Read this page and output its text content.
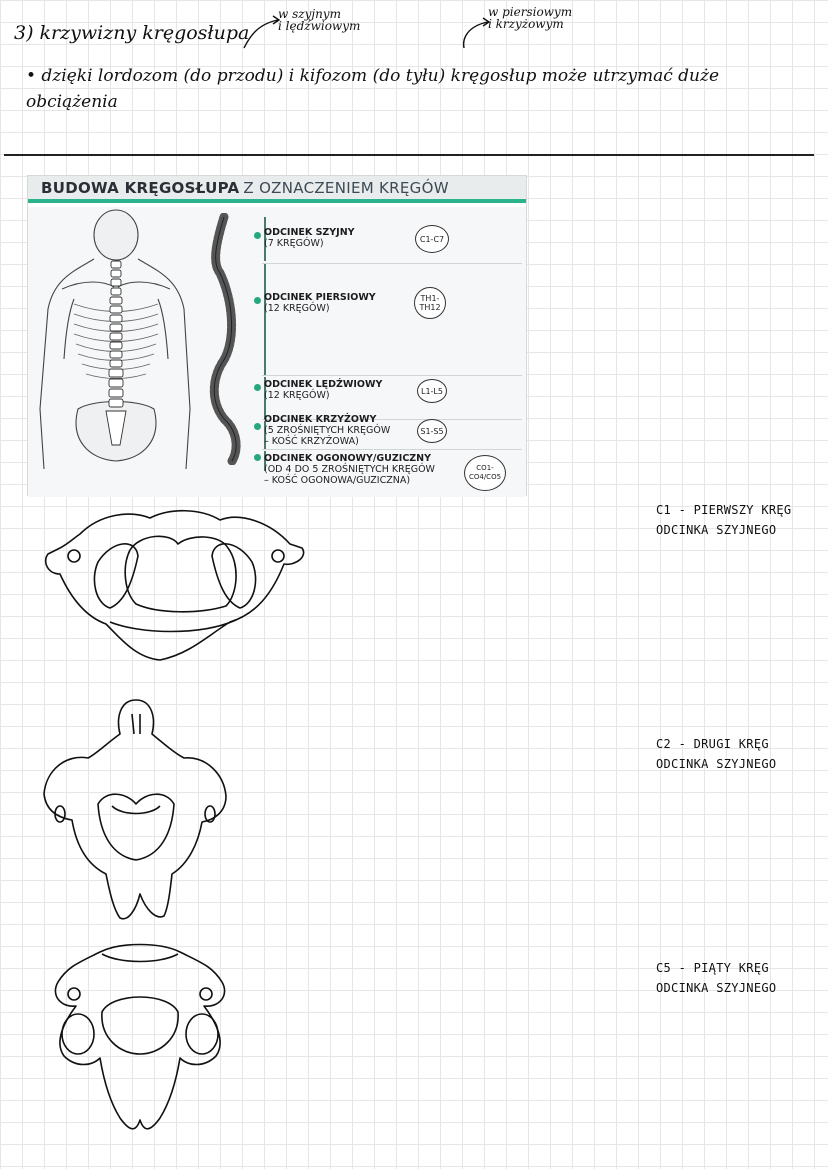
3) krzywizny kręgosłupa
w szyjnym
i lędźwiowym
w piersiowym
i krzyżowym
• dzięki lordozom (do przodu) i kifozom (do tyłu) kręgosłup może utrzymać duże
obciążenia
BUDOWA KRĘGOSŁUPA Z OZNACZENIEM KRĘGÓW
ODCINEK SZYJNY
(7 KRĘGÓW)	C1-C7
ODCINEK PIERSIOWY
(12 KRĘGÓW)
TH1-
TH12
ODCINEK LĘDŹWIOWY
(12 KRĘGÓW)	L1-L5
ODCINEK KRZYŻOWY
(5 ZROŚNIĘTYCH KRĘGÓW
– KOŚĆ KRZYŻOWA)
S1-S5
ODCINEK OGONOWY/GUZICZNY
(OD 4 DO 5 ZROŚNIĘTYCH KRĘGÓW
– KOŚĆ OGONOWA/GUZICZNA)
CO1-
CO4/CO5
C1 - PIERWSZY KRĘG
ODCINKA SZYJNEGO
C2 - DRUGI KRĘG
ODCINKA SZYJNEGO
C5 - PIĄTY KRĘG
ODCINKA SZYJNEGO
